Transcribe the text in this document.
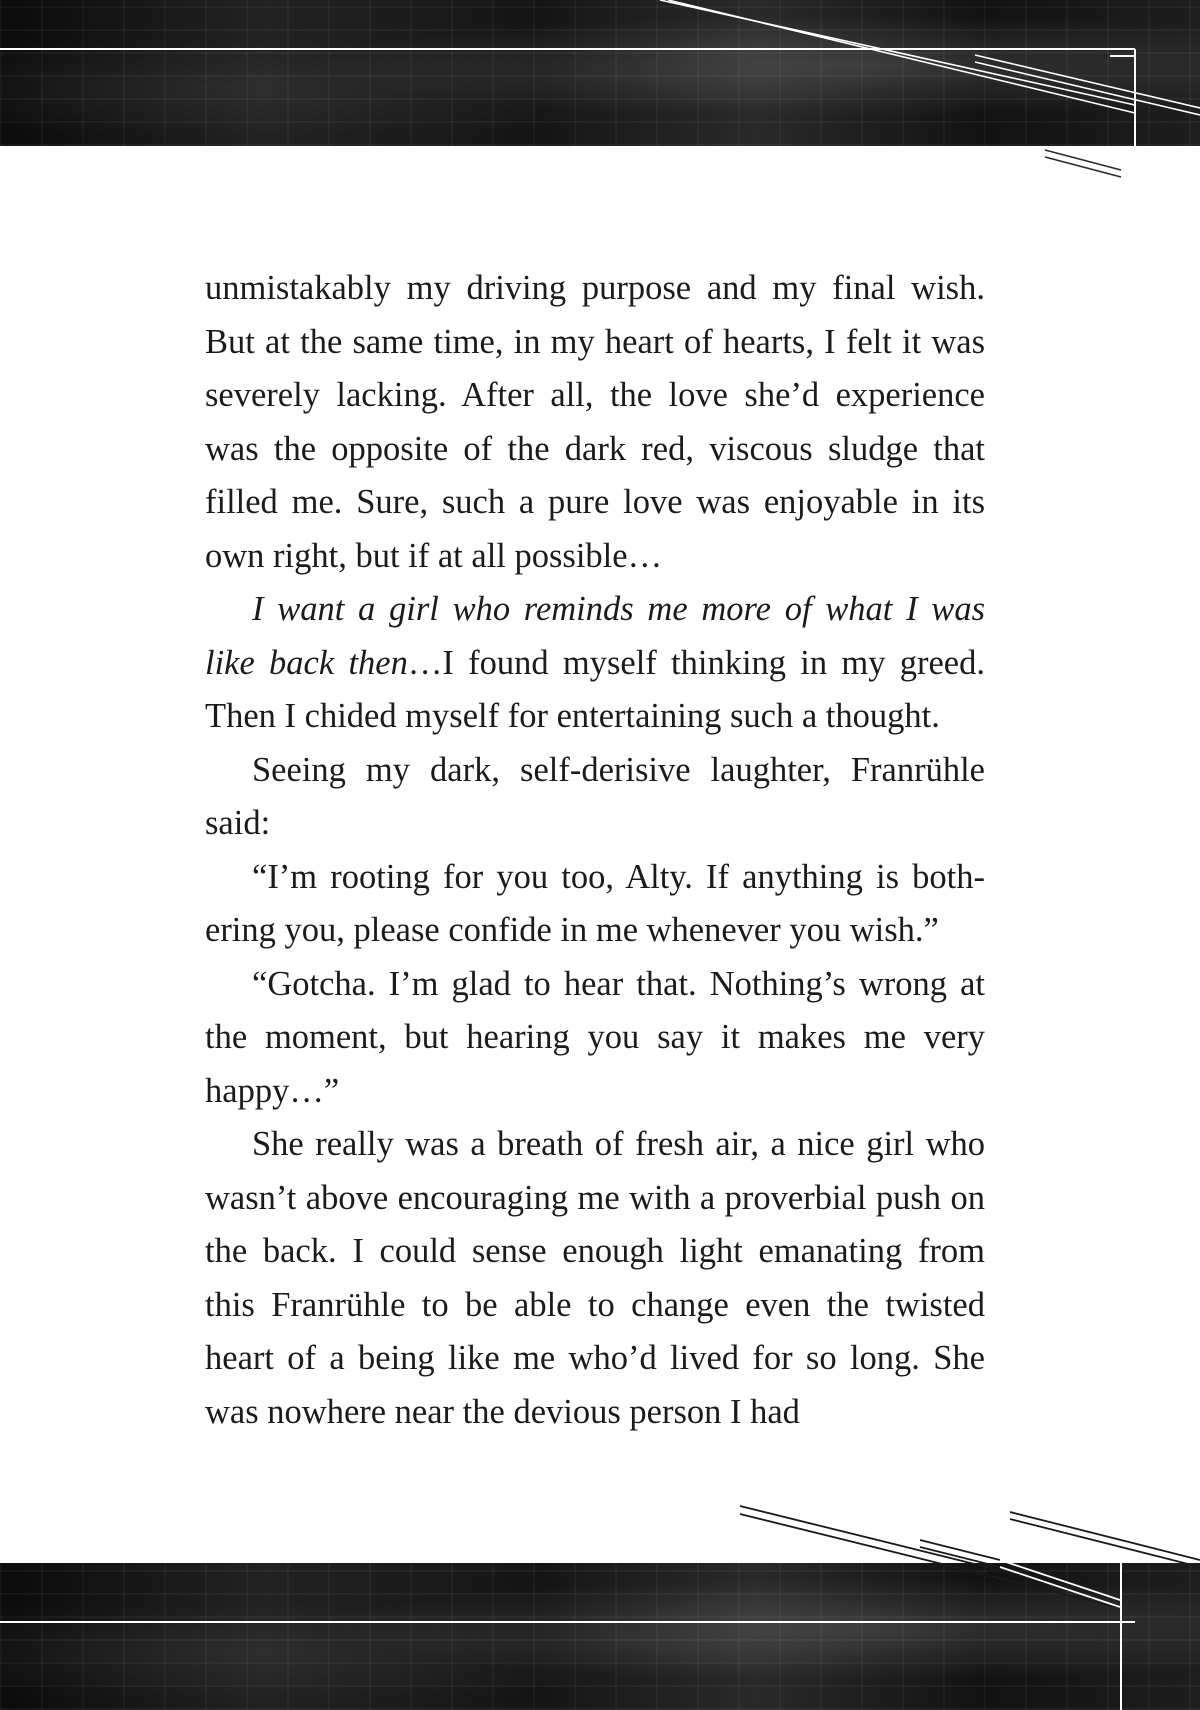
unmistakably my driving purpose and my final wish. But at the same time, in my heart of hearts, I felt it was severely lacking. After all, the love she’d experience was the opposite of the dark red, viscous sludge that filled me. Sure, such a pure love was enjoyable in its own right, but if at all possible…

I want a girl who reminds me more of what I was like back then…I found myself thinking in my greed. Then I chided myself for entertaining such a thought.

Seeing my dark, self-derisive laughter, Franrühle said:

“I’m rooting for you too, Alty. If anything is bothering you, please confide in me whenever you wish.”

“Gotcha. I’m glad to hear that. Nothing’s wrong at the moment, but hearing you say it makes me very happy…”

She really was a breath of fresh air, a nice girl who wasn’t above encouraging me with a proverbial push on the back. I could sense enough light emanating from this Franrühle to be able to change even the twisted heart of a being like me who’d lived for so long. She was nowhere near the devious person I had
